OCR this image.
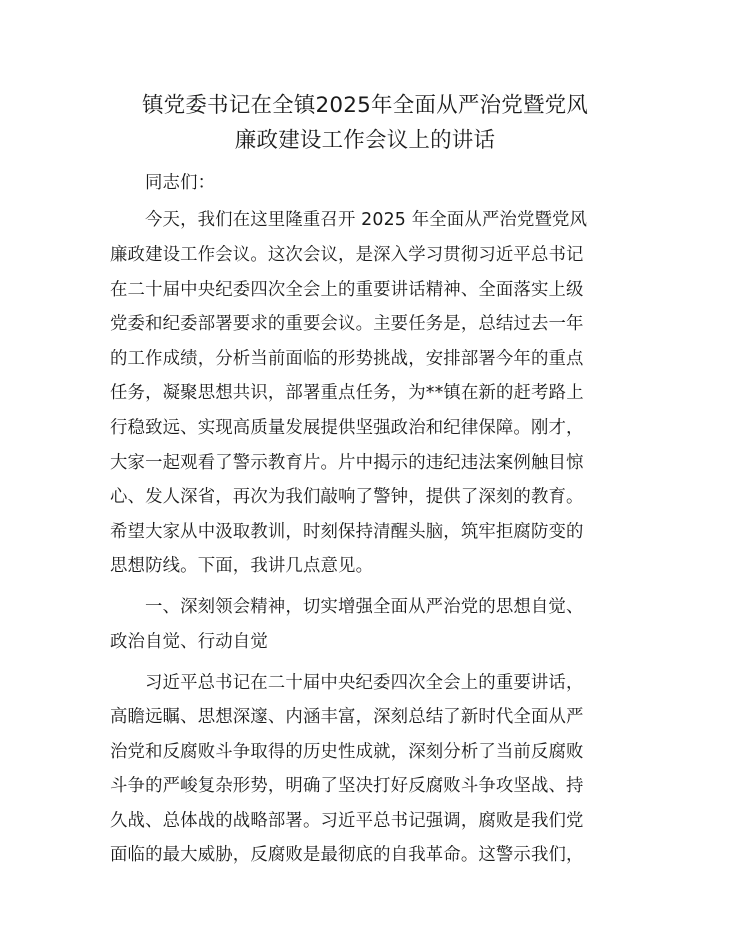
镇党委书记在全镇2025年全面从严治党暨党风
廉政建设工作会议上的讲话
同志们：
今天，我们在这里隆重召开 2025 年全面从严治党暨党风
廉政建设工作会议。这次会议，是深入学习贯彻习近平总书记
在二十届中央纪委四次全会上的重要讲话精神、全面落实上级
党委和纪委部署要求的重要会议。主要任务是，总结过去一年
的工作成绩，分析当前面临的形势挑战，安排部署今年的重点
任务，凝聚思想共识，部署重点任务，为**镇在新的赶考路上
行稳致远、实现高质量发展提供坚强政治和纪律保障。刚才，
大家一起观看了警示教育片。片中揭示的违纪违法案例触目惊
心、发人深省，再次为我们敲响了警钟，提供了深刻的教育。
希望大家从中汲取教训，时刻保持清醒头脑，筑牢拒腐防变的
思想防线。下面，我讲几点意见。
一、深刻领会精神，切实增强全面从严治党的思想自觉、
政治自觉、行动自觉
习近平总书记在二十届中央纪委四次全会上的重要讲话，
高瞻远瞩、思想深邃、内涵丰富，深刻总结了新时代全面从严
治党和反腐败斗争取得的历史性成就，深刻分析了当前反腐败
斗争的严峻复杂形势，明确了坚决打好反腐败斗争攻坚战、持
久战、总体战的战略部署。习近平总书记强调，腐败是我们党
面临的最大威胁，反腐败是最彻底的自我革命。这警示我们，
